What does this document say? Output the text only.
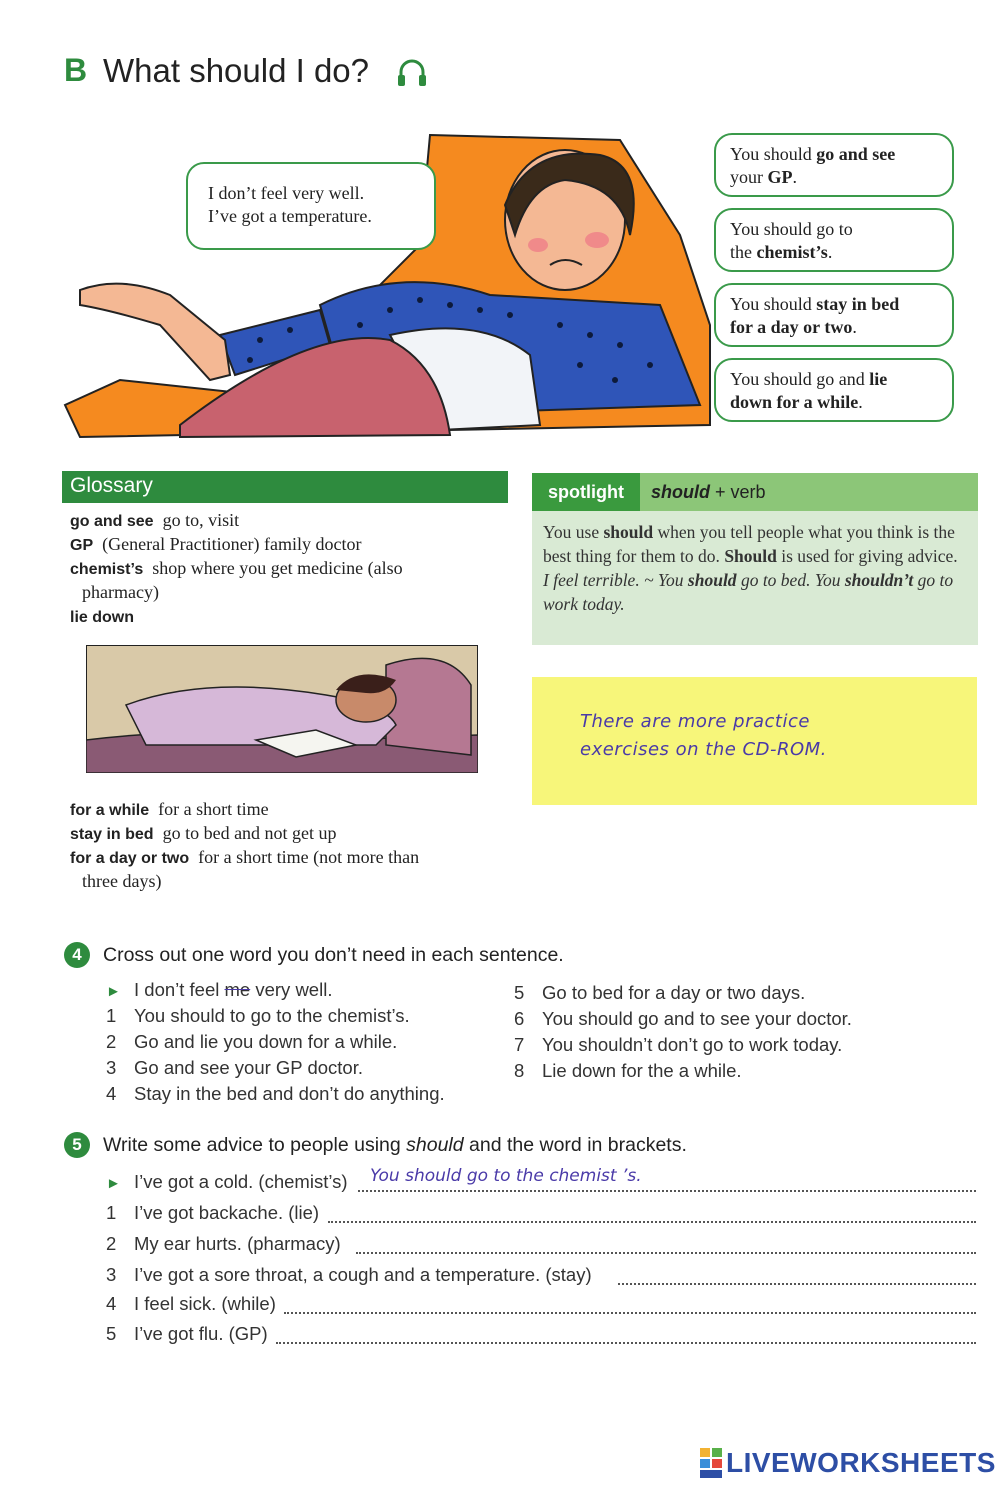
B What should I do?
I don’t feel very well.
I’ve got a temperature.
You should go and see
your GP.
You should go to
the chemist’s.
You should stay in bed
for a day or two.
You should go and lie
down for a while.
Glossary
go and see go to, visit
GP (General Practitioner) family doctor
chemist’s shop where you get medicine (also
pharmacy)
lie down
for a while for a short time
stay in bed go to bed and not get up
for a day or two for a short time (not more than
three days)
spotlight	should + verb
You use should when you tell people what you think is the best thing for them to do. Should is used for giving advice.
I feel terrible. ~ You should go to bed. You shouldn’t go to work today.
There are more practice
exercises on the CD-ROM.
4	Cross out one word you don’t need in each sentence.
► I don’t feel me very well.
1 You should to go to the chemist’s.
2 Go and lie you down for a while.
3 Go and see your GP doctor.
4 Stay in the bed and don’t do anything.
5 Go to bed for a day or two days.
6 You should go and to see your doctor.
7 You shouldn’t don’t go to work today.
8 Lie down for the a while.
5	Write some advice to people using should and the word in brackets.
► I’ve got a cold. (chemist’s) You should go to the chemist ’s.
1 I’ve got backache. (lie)
2 My ear hurts. (pharmacy)
3 I’ve got a sore throat, a cough and a temperature. (stay)
4 I feel sick. (while)
5 I’ve got flu. (GP)
LIVEWORKSHEETS
